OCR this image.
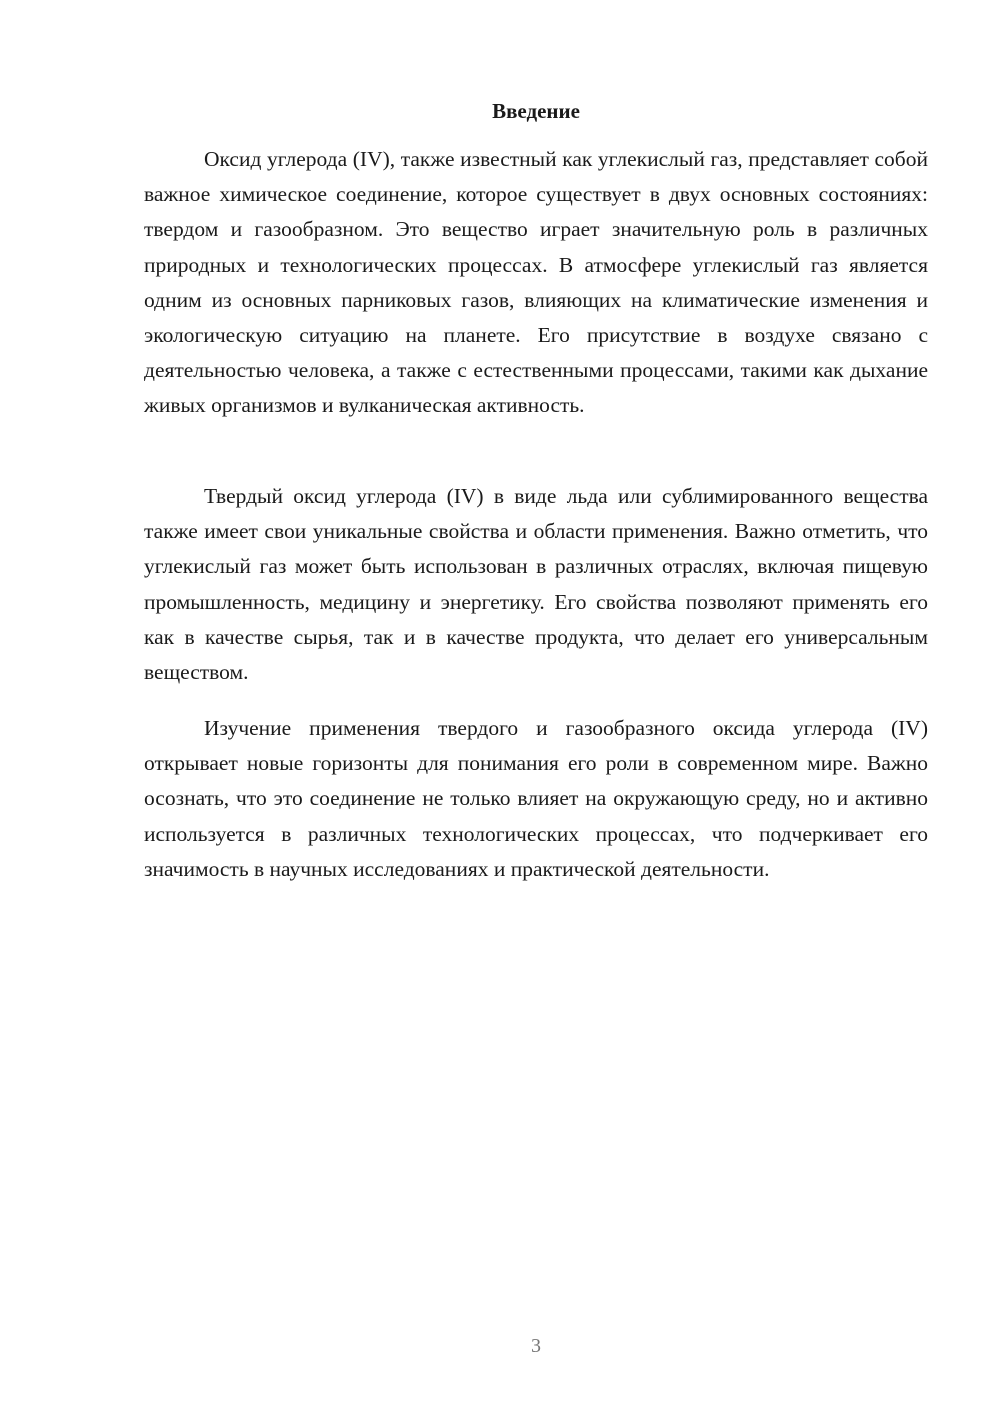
Введение

Оксид углерода (IV), также известный как углекислый газ, представляет собой важное химическое соединение, которое существует в двух основных состояниях: твердом и газообразном. Это вещество играет значительную роль в различных природных и технологических процессах. В атмосфере углекислый газ является одним из основных парниковых газов, влияющих на климатические изменения и экологическую ситуацию на планете. Его присутствие в воздухе связано с деятельностью человека, а также с естественными процессами, такими как дыхание живых организмов и вулканическая активность.

Твердый оксид углерода (IV) в виде льда или сублимированного вещества также имеет свои уникальные свойства и области применения. Важно отметить, что углекислый газ может быть использован в различных отраслях, включая пищевую промышленность, медицину и энергетику. Его свойства позволяют применять его как в качестве сырья, так и в качестве продукта, что делает его универсальным веществом.

Изучение применения твердого и газообразного оксида углерода (IV) открывает новые горизонты для понимания его роли в современном мире. Важно осознать, что это соединение не только влияет на окружающую среду, но и активно используется в различных технологических процессах, что подчеркивает его значимость в научных исследованиях и практической деятельности.

3
